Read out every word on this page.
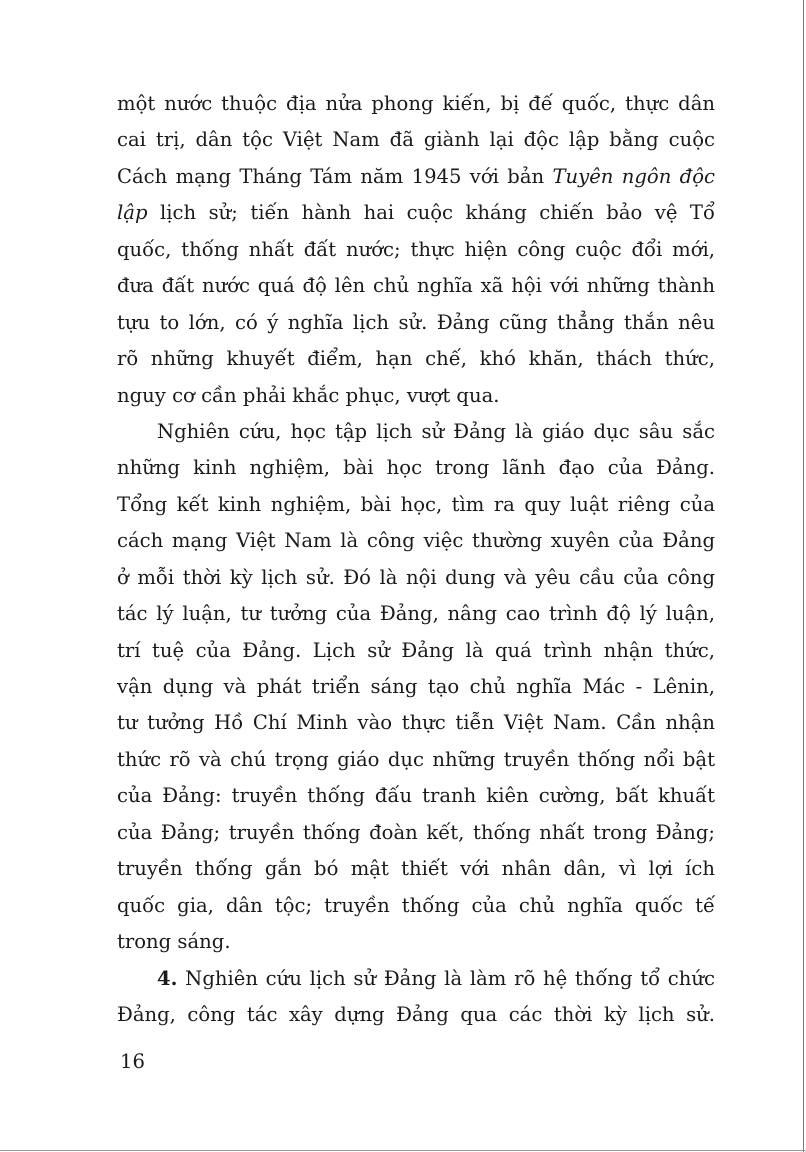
một nước thuộc địa nửa phong kiến, bị đế quốc, thực dân
cai trị, dân tộc Việt Nam đã giành lại độc lập bằng cuộc
Cách mạng Tháng Tám năm 1945 với bản Tuyên ngôn độc
lập lịch sử; tiến hành hai cuộc kháng chiến bảo vệ Tổ
quốc, thống nhất đất nước; thực hiện công cuộc đổi mới,
đưa đất nước quá độ lên chủ nghĩa xã hội với những thành
tựu to lớn, có ý nghĩa lịch sử. Đảng cũng thẳng thắn nêu
rõ những khuyết điểm, hạn chế, khó khăn, thách thức,
nguy cơ cần phải khắc phục, vượt qua.
Nghiên cứu, học tập lịch sử Đảng là giáo dục sâu sắc
những kinh nghiệm, bài học trong lãnh đạo của Đảng.
Tổng kết kinh nghiệm, bài học, tìm ra quy luật riêng của
cách mạng Việt Nam là công việc thường xuyên của Đảng
ở mỗi thời kỳ lịch sử. Đó là nội dung và yêu cầu của công
tác lý luận, tư tưởng của Đảng, nâng cao trình độ lý luận,
trí tuệ của Đảng. Lịch sử Đảng là quá trình nhận thức,
vận dụng và phát triển sáng tạo chủ nghĩa Mác - Lênin,
tư tưởng Hồ Chí Minh vào thực tiễn Việt Nam. Cần nhận
thức rõ và chú trọng giáo dục những truyền thống nổi bật
của Đảng: truyền thống đấu tranh kiên cường, bất khuất
của Đảng; truyền thống đoàn kết, thống nhất trong Đảng;
truyền thống gắn bó mật thiết với nhân dân, vì lợi ích
quốc gia, dân tộc; truyền thống của chủ nghĩa quốc tế
trong sáng.
4. Nghiên cứu lịch sử Đảng là làm rõ hệ thống tổ chức
Đảng, công tác xây dựng Đảng qua các thời kỳ lịch sử.
16
